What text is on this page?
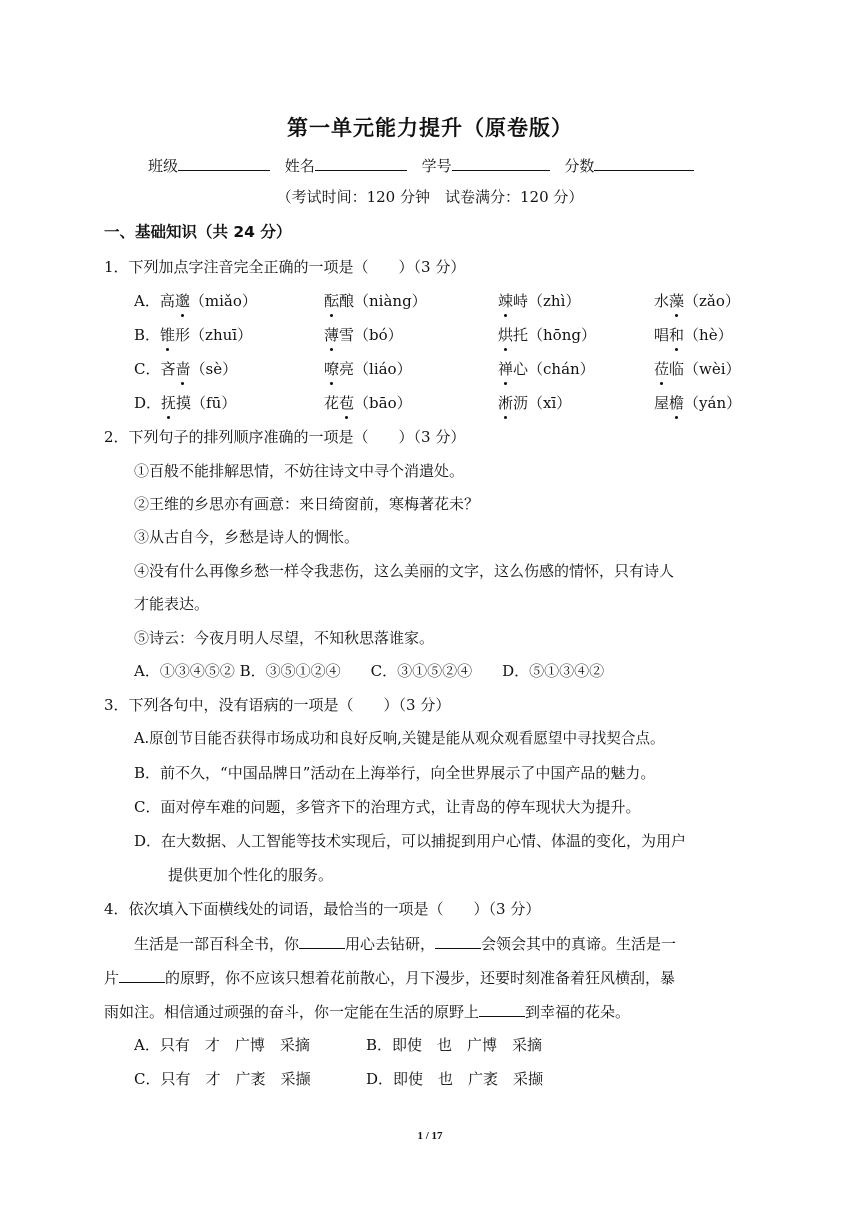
第一单元能力提升（原卷版）
班级	姓名	学号	分数
（考试时间：120 分钟　试卷满分：120 分）
一、基础知识（共 24 分）
1．下列加点字注音完全正确的一项是（　　）（3 分）
A．高邈（miǎo）	酝酿（niàng）	竦峙（zhì）	水藻（zǎo）
B．锥形（zhuī）	薄雪（bó）	烘托（hōng）	唱和（hè）
C．吝啬（sè）	嘹亮（liáo）	禅心（chán）	莅临（wèi）
D．抚摸（fū）	花苞（bāo）	淅沥（xī）	屋檐（yán）
2．下列句子的排列顺序准确的一项是（　　）（3 分）
①百般不能排解思情，不妨往诗文中寻个消遣处。
②王维的乡思亦有画意：来日绮窗前，寒梅著花未？
③从古自今，乡愁是诗人的惆怅。
④没有什么再像乡愁一样令我悲伤，这么美丽的文字，这么伤感的情怀，只有诗人
才能表达。
⑤诗云：今夜月明人尽望，不知秋思落谁家。
A．①③④⑤② B．③⑤①②④　　C．③①⑤②④　　D．⑤①③④②
3．下列各句中，没有语病的一项是（　　）（3 分）
A.原创节目能否获得市场成功和良好反响,关键是能从观众观看愿望中寻找契合点。
B．前不久，“中国品牌日”活动在上海举行，向全世界展示了中国产品的魅力。
C．面对停车难的问题，多管齐下的治理方式，让青岛的停车现状大为提升。
D．在大数据、人工智能等技术实现后，可以捕捉到用户心情、体温的变化，为用户
提供更加个性化的服务。
4．依次填入下面横线处的词语，最恰当的一项是（　　）（3 分）
生活是一部百科全书，你	用心去钻研，	会领会其中的真谛。生活是一
片	的原野，你不应该只想着花前散心，月下漫步，还要时刻准备着狂风横刮，暴
雨如注。相信通过顽强的奋斗，你一定能在生活的原野上	到幸福的花朵。
A．只有　才　广博　采摘	B．即使　也　广博　采摘
C．只有　才　广袤　采撷	D．即使　也　广袤　采撷
1 / 17
